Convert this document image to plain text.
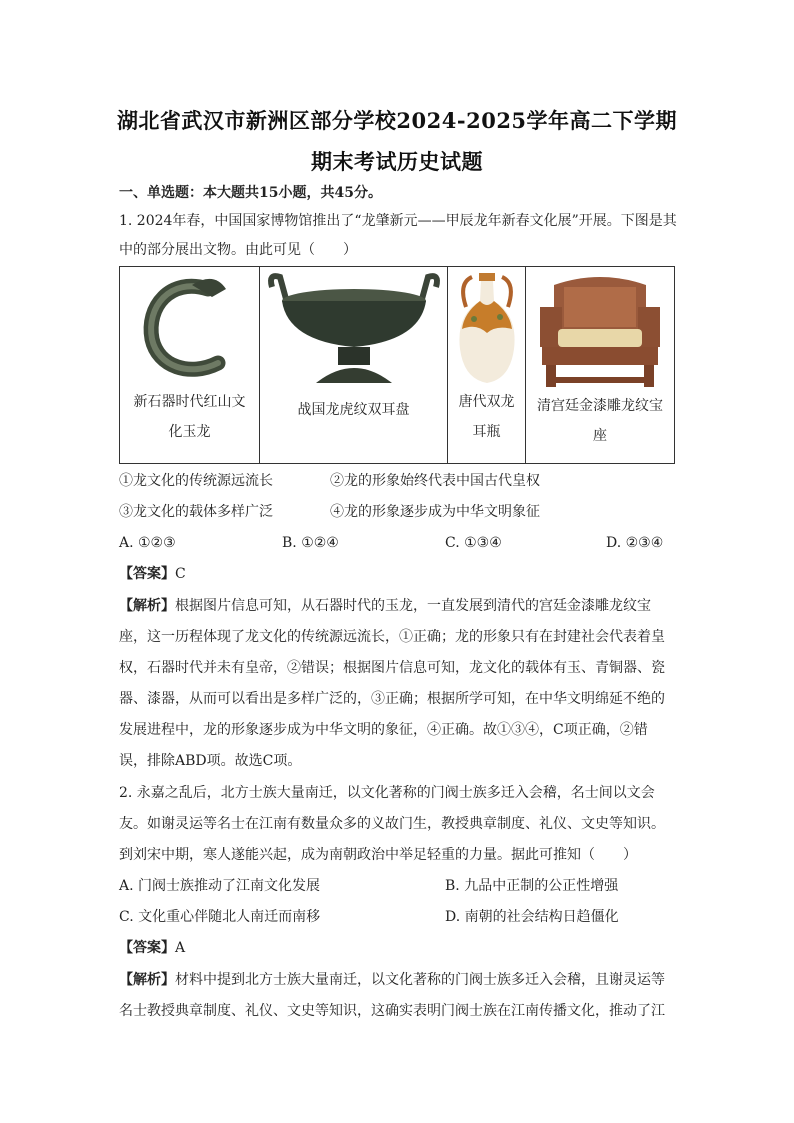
湖北省武汉市新洲区部分学校2024-2025学年高二下学期
期末考试历史试题
一、单选题：本大题共15小题，共45分。
1. 2024年春，中国国家博物馆推出了“龙肇新元——甲辰龙年新春文化展”开展。下图是其
中的部分展出文物。由此可见（　　）
新石器时代红山文
化玉龙

战国龙虎纹双耳盘	唐代双龙
耳瓶

清宫廷金漆雕龙纹宝
座
①龙文化的传统源远流长	②龙的形象始终代表中国古代皇权
③龙文化的载体多样广泛	④龙的形象逐步成为中华文明象征
A. ①②③	B. ①②④	C. ①③④	D. ②③④
【答案】C
【解析】根据图片信息可知，从石器时代的玉龙，一直发展到清代的宫廷金漆雕龙纹宝
座，这一历程体现了龙文化的传统源远流长，①正确；龙的形象只有在封建社会代表着皇
权，石器时代并未有皇帝，②错误；根据图片信息可知，龙文化的载体有玉、青铜器、瓷
器、漆器，从而可以看出是多样广泛的，③正确；根据所学可知，在中华文明绵延不绝的
发展进程中，龙的形象逐步成为中华文明的象征，④正确。故①③④，C项正确，②错
误，排除ABD项。故选C项。
2. 永嘉之乱后，北方士族大量南迁，以文化著称的门阀士族多迁入会稽，名士间以文会
友。如谢灵运等名士在江南有数量众多的义故门生，教授典章制度、礼仪、文史等知识。
到刘宋中期，寒人遂能兴起，成为南朝政治中举足轻重的力量。据此可推知（　　）
A. 门阀士族推动了江南文化发展	B. 九品中正制的公正性增强
C. 文化重心伴随北人南迁而南移	D. 南朝的社会结构日趋僵化
【答案】A
【解析】材料中提到北方士族大量南迁，以文化著称的门阀士族多迁入会稽，且谢灵运等
名士教授典章制度、礼仪、文史等知识，这确实表明门阀士族在江南传播文化，推动了江
